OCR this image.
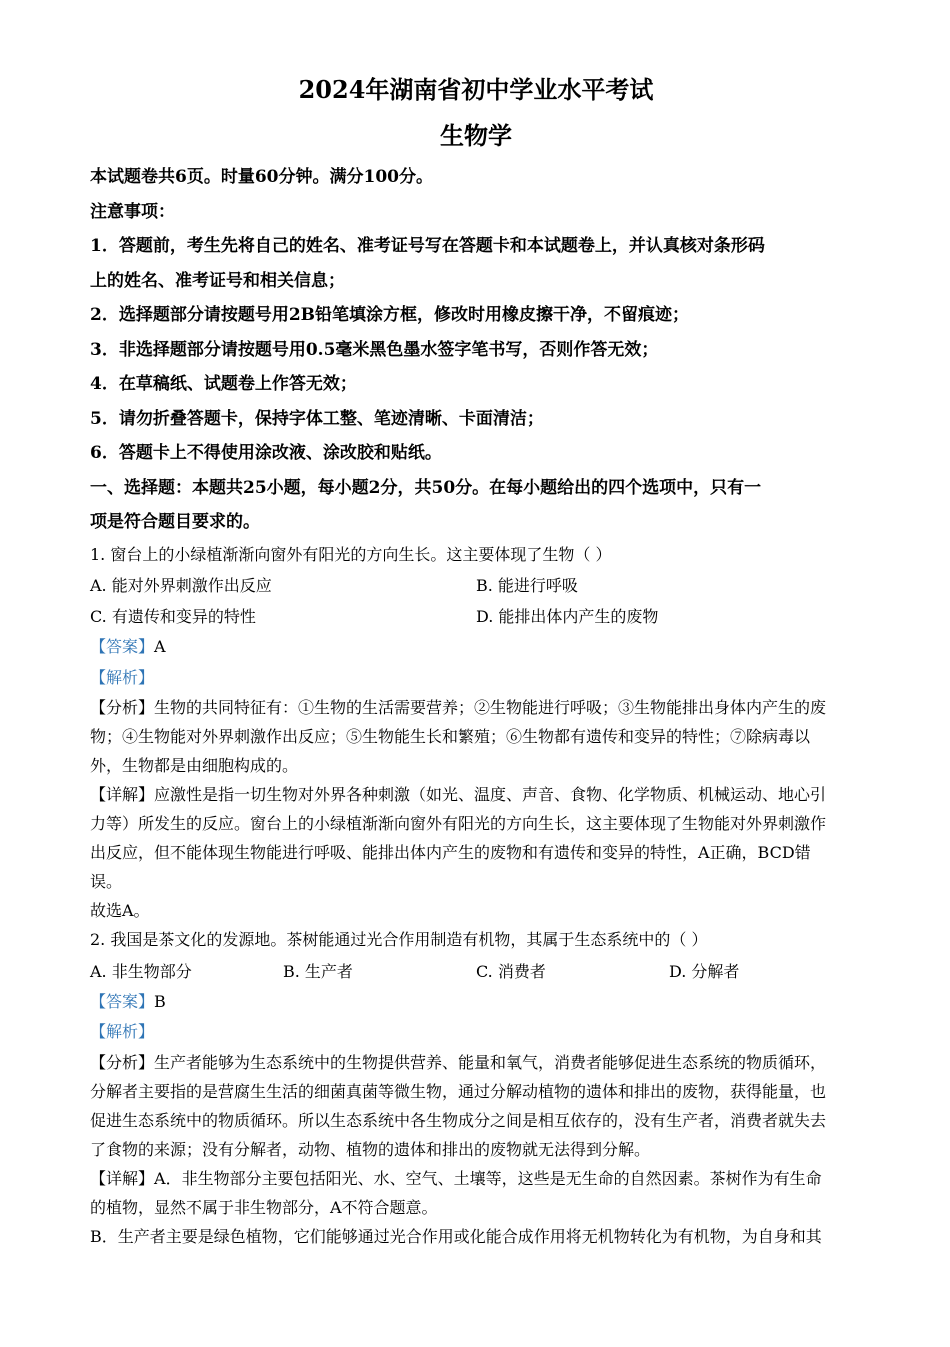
2024年湖南省初中学业水平考试
生物学
本试题卷共6页。时量60分钟。满分100分。
注意事项：
1．答题前，考生先将自己的姓名、准考证号写在答题卡和本试题卷上，并认真核对条形码
上的姓名、准考证号和相关信息；
2．选择题部分请按题号用2B铅笔填涂方框，修改时用橡皮擦干净，不留痕迹；
3．非选择题部分请按题号用0.5毫米黑色墨水签字笔书写，否则作答无效；
4．在草稿纸、试题卷上作答无效；
5．请勿折叠答题卡，保持字体工整、笔迹清晰、卡面清洁；
6．答题卡上不得使用涂改液、涂改胶和贴纸。
一、选择题：本题共25小题，每小题2分，共50分。在每小题给出的四个选项中，只有一
项是符合题目要求的。
1. 窗台上的小绿植渐渐向窗外有阳光的方向生长。这主要体现了生物（ ）
A. 能对外界刺激作出反应	B. 能进行呼吸
C. 有遗传和变异的特性	D. 能排出体内产生的废物
【答案】A
【解析】
【分析】生物的共同特征有：①生物的生活需要营养；②生物能进行呼吸；③生物能排出身体内产生的废
物；④生物能对外界刺激作出反应；⑤生物能生长和繁殖；⑥生物都有遗传和变异的特性；⑦除病毒以
外，生物都是由细胞构成的。
【详解】应激性是指一切生物对外界各种刺激（如光、温度、声音、食物、化学物质、机械运动、地心引
力等）所发生的反应。窗台上的小绿植渐渐向窗外有阳光的方向生长，这主要体现了生物能对外界刺激作
出反应，但不能体现生物能进行呼吸、能排出体内产生的废物和有遗传和变异的特性，A正确，BCD错
误。
故选A。
2. 我国是茶文化的发源地。茶树能通过光合作用制造有机物，其属于生态系统中的（ ）
A. 非生物部分	B. 生产者	C. 消费者	D. 分解者
【答案】B
【解析】
【分析】生产者能够为生态系统中的生物提供营养、能量和氧气，消费者能够促进生态系统的物质循环，
分解者主要指的是营腐生生活的细菌真菌等微生物，通过分解动植物的遗体和排出的废物，获得能量，也
促进生态系统中的物质循环。所以生态系统中各生物成分之间是相互依存的，没有生产者，消费者就失去
了食物的来源；没有分解者，动物、植物的遗体和排出的废物就无法得到分解。
【详解】A．非生物部分主要包括阳光、水、空气、土壤等，这些是无生命的自然因素。茶树作为有生命
的植物，显然不属于非生物部分，A不符合题意。
B．生产者主要是绿色植物，它们能够通过光合作用或化能合成作用将无机物转化为有机物，为自身和其
